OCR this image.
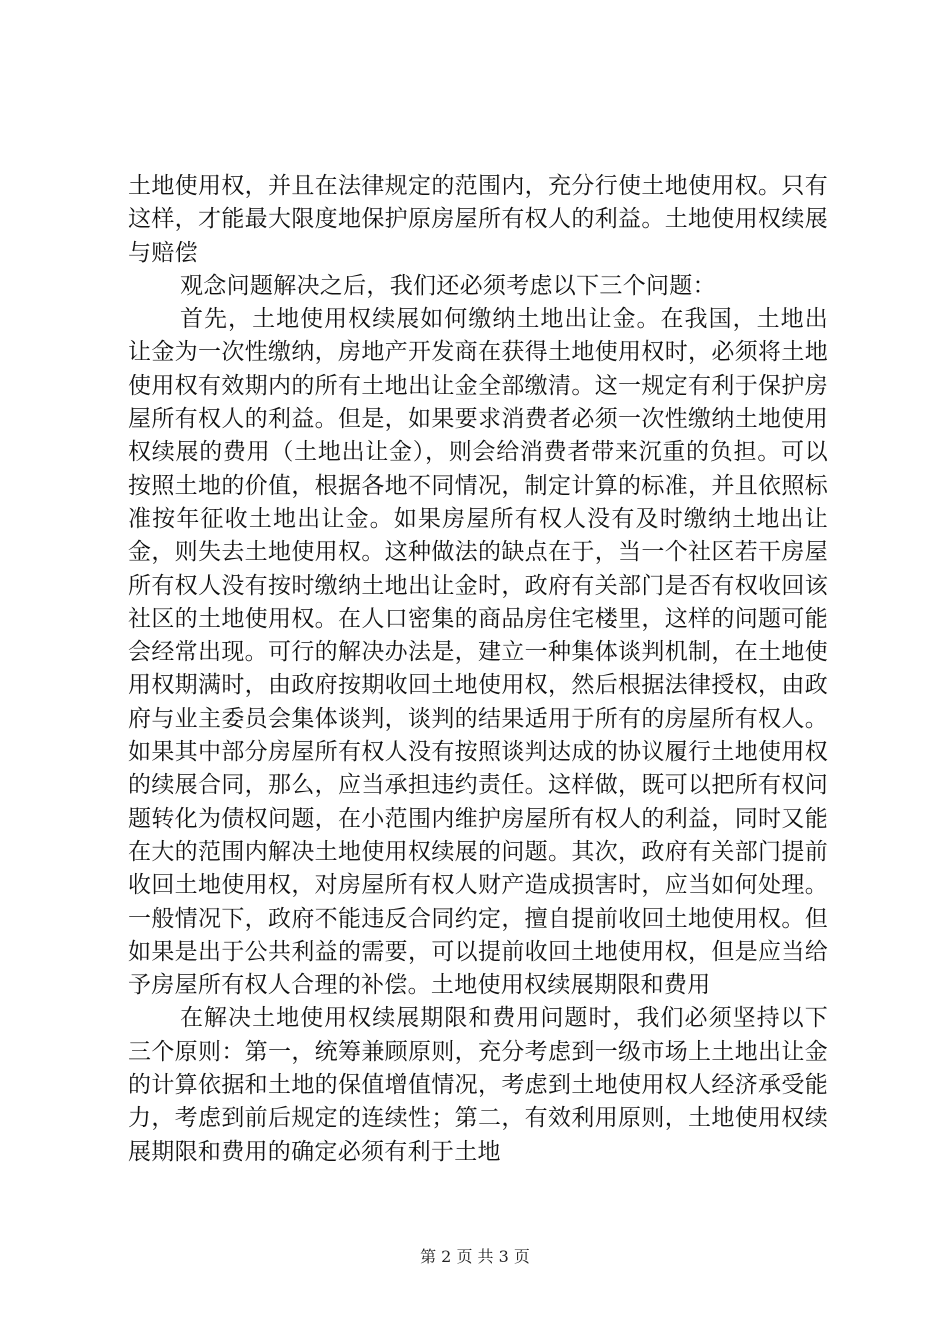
土地使用权，并且在法律规定的范围内，充分行使土地使用权。只有这样，才能最大限度地保护原房屋所有权人的利益。土地使用权续展与赔偿

观念问题解决之后，我们还必须考虑以下三个问题：

首先，土地使用权续展如何缴纳土地出让金。在我国，土地出让金为一次性缴纳，房地产开发商在获得土地使用权时，必须将土地使用权有效期内的所有土地出让金全部缴清。这一规定有利于保护房屋所有权人的利益。但是，如果要求消费者必须一次性缴纳土地使用权续展的费用（土地出让金），则会给消费者带来沉重的负担。可以按照土地的价值，根据各地不同情况，制定计算的标准，并且依照标准按年征收土地出让金。如果房屋所有权人没有及时缴纳土地出让金，则失去土地使用权。这种做法的缺点在于，当一个社区若干房屋所有权人没有按时缴纳土地出让金时，政府有关部门是否有权收回该社区的土地使用权。在人口密集的商品房住宅楼里，这样的问题可能会经常出现。可行的解决办法是，建立一种集体谈判机制，在土地使用权期满时，由政府按期收回土地使用权，然后根据法律授权，由政府与业主委员会集体谈判，谈判的结果适用于所有的房屋所有权人。如果其中部分房屋所有权人没有按照谈判达成的协议履行土地使用权的续展合同，那么，应当承担违约责任。这样做，既可以把所有权问题转化为债权问题，在小范围内维护房屋所有权人的利益，同时又能在大的范围内解决土地使用权续展的问题。其次，政府有关部门提前收回土地使用权，对房屋所有权人财产造成损害时，应当如何处理。一般情况下，政府不能违反合同约定，擅自提前收回土地使用权。但如果是出于公共利益的需要，可以提前收回土地使用权，但是应当给予房屋所有权人合理的补偿。土地使用权续展期限和费用

在解决土地使用权续展期限和费用问题时，我们必须坚持以下三个原则：第一，统筹兼顾原则，充分考虑到一级市场上土地出让金的计算依据和土地的保值增值情况，考虑到土地使用权人经济承受能力，考虑到前后规定的连续性；第二，有效利用原则，土地使用权续展期限和费用的确定必须有利于土地

第 2 页 共 3 页
